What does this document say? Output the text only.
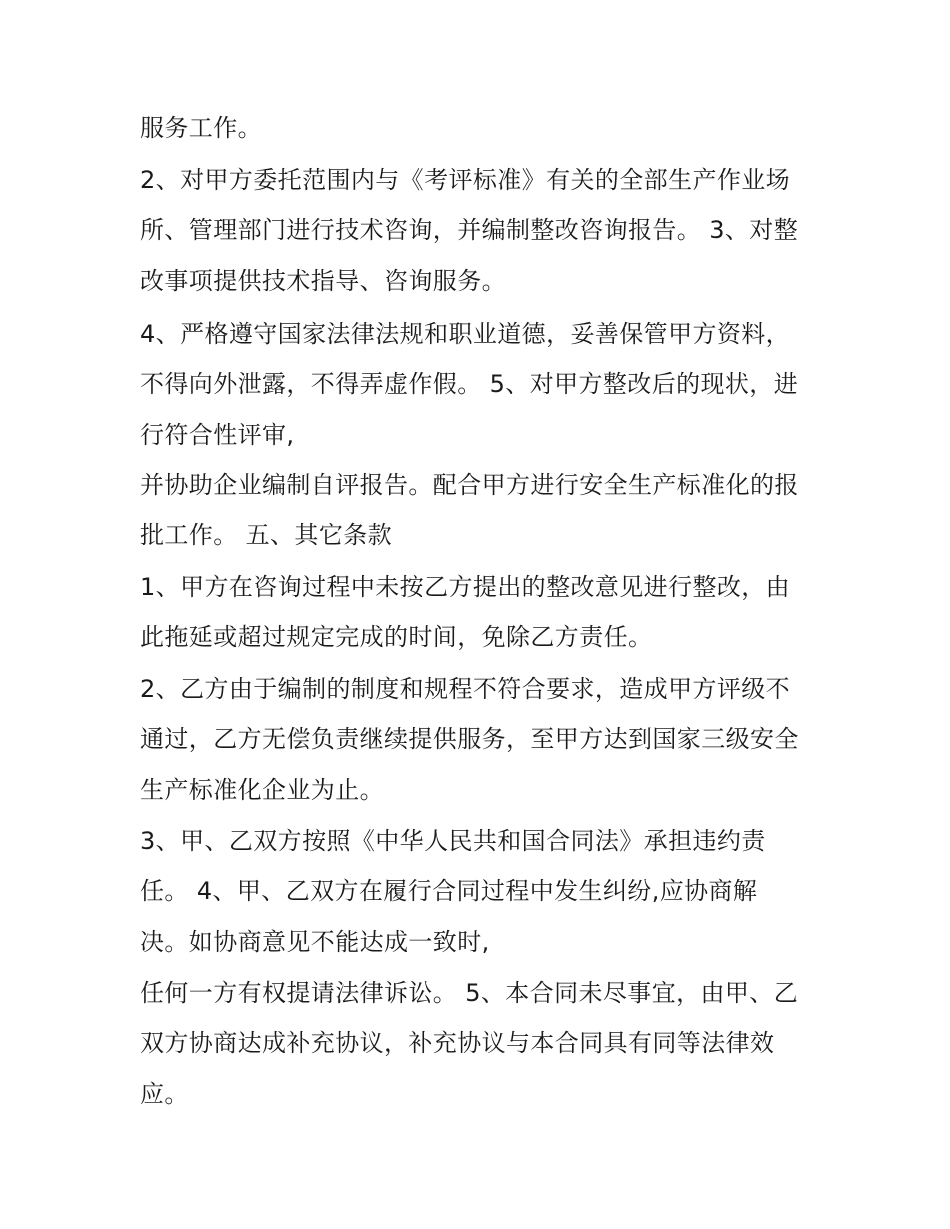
服务工作。
2、对甲方委托范围内与《考评标准》有关的全部生产作业场
所、管理部门进行技术咨询，并编制整改咨询报告。 3、对整
改事项提供技术指导、咨询服务。
4、严格遵守国家法律法规和职业道德，妥善保管甲方资料，
不得向外泄露，不得弄虚作假。 5、对甲方整改后的现状，进
行符合性评审,
并协助企业编制自评报告。配合甲方进行安全生产标准化的报
批工作。 五、其它条款
1、甲方在咨询过程中未按乙方提出的整改意见进行整改，由
此拖延或超过规定完成的时间，免除乙方责任。
2、乙方由于编制的制度和规程不符合要求，造成甲方评级不
通过，乙方无偿负责继续提供服务，至甲方达到国家三级安全
生产标准化企业为止。
3、甲、乙双方按照《中华人民共和国合同法》承担违约责
任。 4、甲、乙双方在履行合同过程中发生纠纷,应协商解
决。如协商意见不能达成一致时,
任何一方有权提请法律诉讼。 5、本合同未尽事宜，由甲、乙
双方协商达成补充协议，补充协议与本合同具有同等法律效
应。
